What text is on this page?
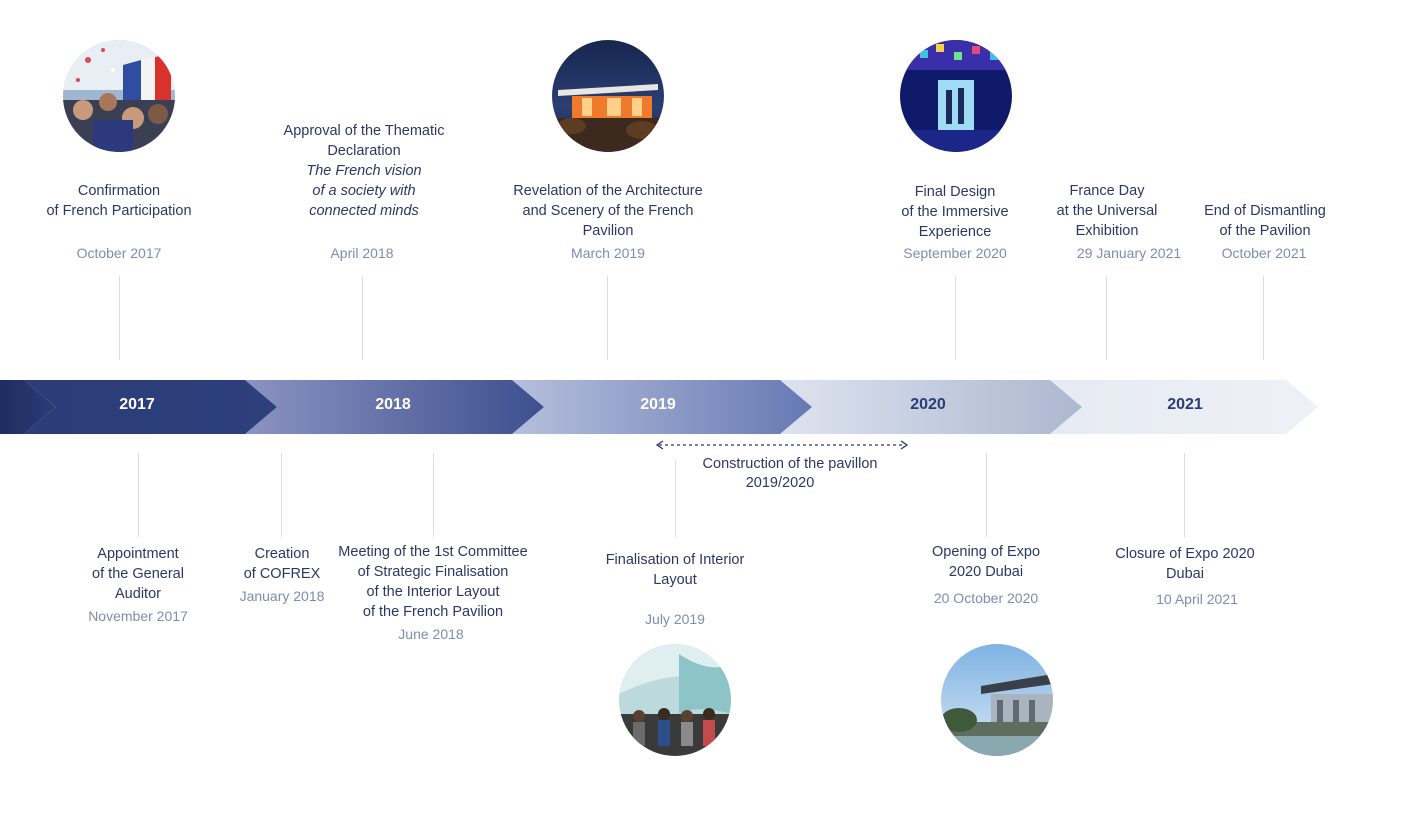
Confirmation
of French Participation
October 2017
Approval of the Thematic
Declaration
The French vision
of a society with
connected minds
April 2018
Revelation of the Architecture
and Scenery of the French
Pavilion
March 2019
Final Design
of the Immersive
Experience
September 2020
France Day
at the Universal
Exhibition
29 January 2021
End of Dismantling
of the Pavilion
October 2021
2017	2018	2019	2020	2021
Construction of the pavillon
2019/2020
Appointment
of the General
Auditor
November 2017
Creation
of COFREX
January 2018
Meeting of the 1st Committee
of Strategic Finalisation
of the Interior Layout
of the French Pavilion
June 2018
Finalisation of Interior
Layout
July 2019
Opening of Expo
2020 Dubai
20 October 2020
Closure of Expo 2020
Dubai
10 April 2021
